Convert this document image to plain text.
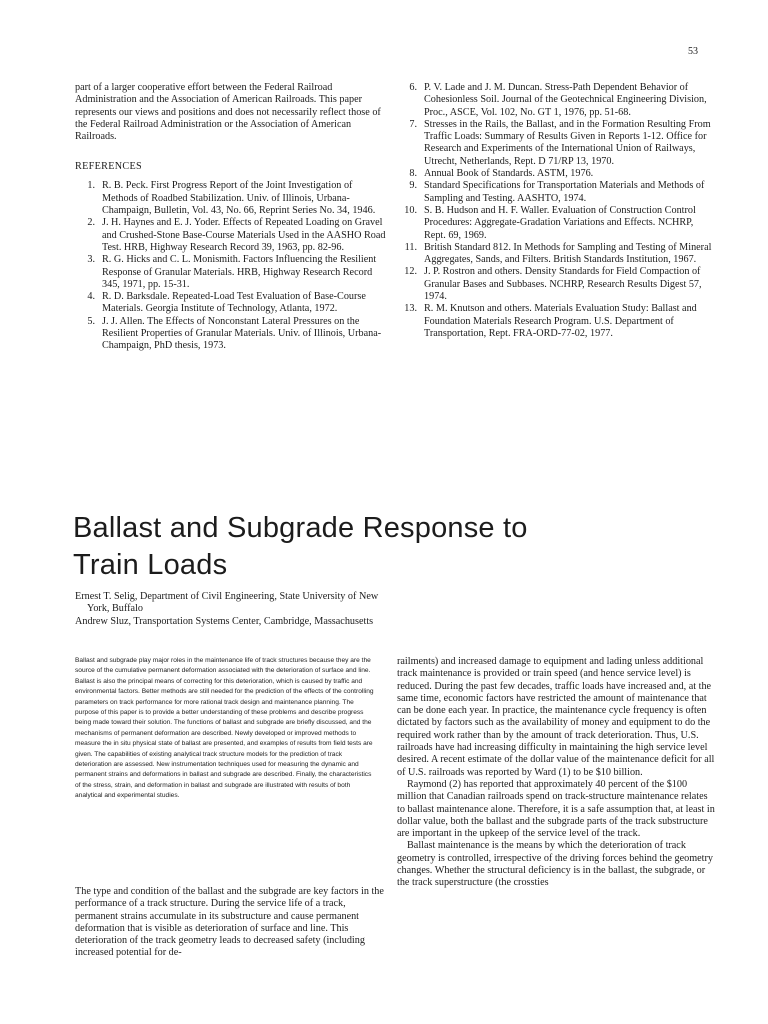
53

part of a larger cooperative effort between the Federal Railroad Administration and the Association of American Railroads. This paper represents our views and positions and does not necessarily reflect those of the Federal Railroad Administration or the Association of American Railroads.

REFERENCES
1. R. B. Peck. First Progress Report of the Joint Investigation of Methods of Roadbed Stabilization. Univ. of Illinois, Urbana-Champaign, Bulletin, Vol. 43, No. 66, Reprint Series No. 34, 1946.
2. J. H. Haynes and E. J. Yoder. Effects of Repeated Loading on Gravel and Crushed-Stone Base-Course Materials Used in the AASHO Road Test. HRB, Highway Research Record 39, 1963, pp. 82-96.
3. R. G. Hicks and C. L. Monismith. Factors Influencing the Resilient Response of Granular Materials. HRB, Highway Research Record 345, 1971, pp. 15-31.
4. R. D. Barksdale. Repeated-Load Test Evaluation of Base-Course Materials. Georgia Institute of Technology, Atlanta, 1972.
5. J. J. Allen. The Effects of Nonconstant Lateral Pressures on the Resilient Properties of Granular Materials. Univ. of Illinois, Urbana-Champaign, PhD thesis, 1973.
6. P. V. Lade and J. M. Duncan. Stress-Path Dependent Behavior of Cohesionless Soil. Journal of the Geotechnical Engineering Division, Proc., ASCE, Vol. 102, No. GT 1, 1976, pp. 51-68.
7. Stresses in the Rails, the Ballast, and in the Formation Resulting From Traffic Loads: Summary of Results Given in Reports 1-12. Office for Research and Experiments of the International Union of Railways, Utrecht, Netherlands, Rept. D 71/RP 13, 1970.
8. Annual Book of Standards. ASTM, 1976.
9. Standard Specifications for Transportation Materials and Methods of Sampling and Testing. AASHTO, 1974.
10. S. B. Hudson and H. F. Waller. Evaluation of Construction Control Procedures: Aggregate-Gradation Variations and Effects. NCHRP, Rept. 69, 1969.
11. British Standard 812. In Methods for Sampling and Testing of Mineral Aggregates, Sands, and Filters. British Standards Institution, 1967.
12. J. P. Rostron and others. Density Standards for Field Compaction of Granular Bases and Subbases. NCHRP, Research Results Digest 57, 1974.
13. R. M. Knutson and others. Materials Evaluation Study: Ballast and Foundation Materials Research Program. U.S. Department of Transportation, Rept. FRA-ORD-77-02, 1977.
Ballast and Subgrade Response to
Train Loads

Ernest T. Selig, Department of Civil Engineering, State University of New
York, Buffalo

Andrew Sluz, Transportation Systems Center, Cambridge, Massachusetts

Ballast and subgrade play major roles in the maintenance life of track structures because they are the source of the cumulative permanent deformation associated with the deterioration of surface and line. Ballast is also the principal means of correcting for this deterioration, which is caused by traffic and environmental factors. Better methods are still needed for the prediction of the effects of the controlling parameters on track performance for more rational track design and maintenance planning. The purpose of this paper is to provide a better understanding of these problems and describe progress being made toward their solution. The functions of ballast and subgrade are briefly discussed, and the mechanisms of permanent deformation are described. Newly developed or improved methods to measure the in situ physical state of ballast are presented, and examples of results from field tests are given. The capabilities of existing analytical track structure models for the prediction of track deterioration are assessed. New instrumentation techniques used for measuring the dynamic and permanent strains and deformations in ballast and subgrade are described. Finally, the characteristics of the stress, strain, and deformation in ballast and subgrade are illustrated with results of both analytical and experimental studies.

The type and condition of the ballast and the subgrade are key factors in the performance of a track structure. During the service life of a track, permanent strains accumulate in its substructure and cause permanent deformation that is visible as deterioration of surface and line. This deterioration of the track geometry leads to decreased safety (including increased potential for de-

railments) and increased damage to equipment and lading unless additional track maintenance is provided or train speed (and hence service level) is reduced. During the past few decades, traffic loads have increased and, at the same time, economic factors have restricted the amount of maintenance that can be done each year. In practice, the maintenance cycle frequency is often dictated by factors such as the availability of money and equipment to do the required work rather than by the amount of track deterioration. Thus, U.S. railroads have had increasing difficulty in maintaining the high service level desired. A recent estimate of the dollar value of the maintenance deficit for all of U.S. railroads was reported by Ward (1) to be $10 billion.

Raymond (2) has reported that approximately 40 percent of the $100 million that Canadian railroads spend on track-structure maintenance relates to ballast maintenance alone. Therefore, it is a safe assumption that, at least in dollar value, both the ballast and the subgrade parts of the track substructure are important in the upkeep of the service level of the track.

Ballast maintenance is the means by which the deterioration of track geometry is controlled, irrespective of the driving forces behind the geometry changes. Whether the structural deficiency is in the ballast, the subgrade, or the track superstructure (the crossties
